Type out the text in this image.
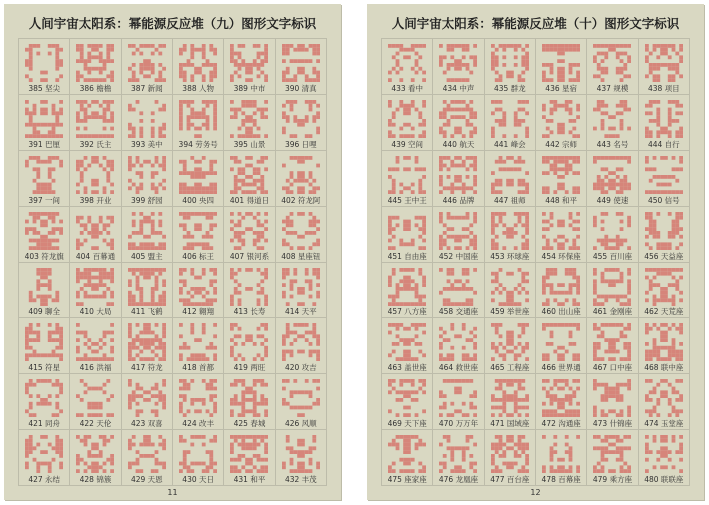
人间宇宙太阳系：幂能源反应堆（九）图形文字标识
385 坚尖	386 檐檐	387 新闻	388 人物	389 中市	390 清真
391 巴厘	392 氏主	393 美中	394 劳务号	395 山景	396 日哩
397 一间	398 开业	399 舒园	400 央四	401 得道日	402 符龙阿
403 符龙旗	404 百幕通	405 盟主	406 标王	407 银河系	408 星座钮
409 聊全	410 大局	411 飞鹤	412 翱翔	413 长寿	414 天平
415 符星	416 洪福	417 符龙	418 首都	419 两旺	420 攻吉
421 同舟	422 天伦	423 双喜	424 改丰	425 春城	426 风顺
427 永结	428 锦簇	429 天恩	430 天日	431 和平	432 丰茂
11
人间宇宙太阳系：幂能源反应堆（十）图形文字标识
433 看中	434 中声	435 群龙	436 星宿	437 规模	438 项目
439 空间	440 航天	441 峰会	442 宗师	443 名号	444 自行
445 王中王	446 品牌	447 祖师	448 和平	449 使速	450 信号
451 自由座	452 中国座	453 环球座	454 环保座	455 百川座	456 天益座
457 八方座	458 交通座	459 举世座	460 出山座	461 金刚座	462 天荒座
463 盖世座	464 救世座	465 工程座	466 世界通	467 口中座	468 联中座
469 天下座	470 万万年	471 国域座	472 沟通座	473 什锦座	474 玉堂座
475 座家座	476 龙凰座	477 百台座	478 百幕座	479 乘方座	480 联联座
12
